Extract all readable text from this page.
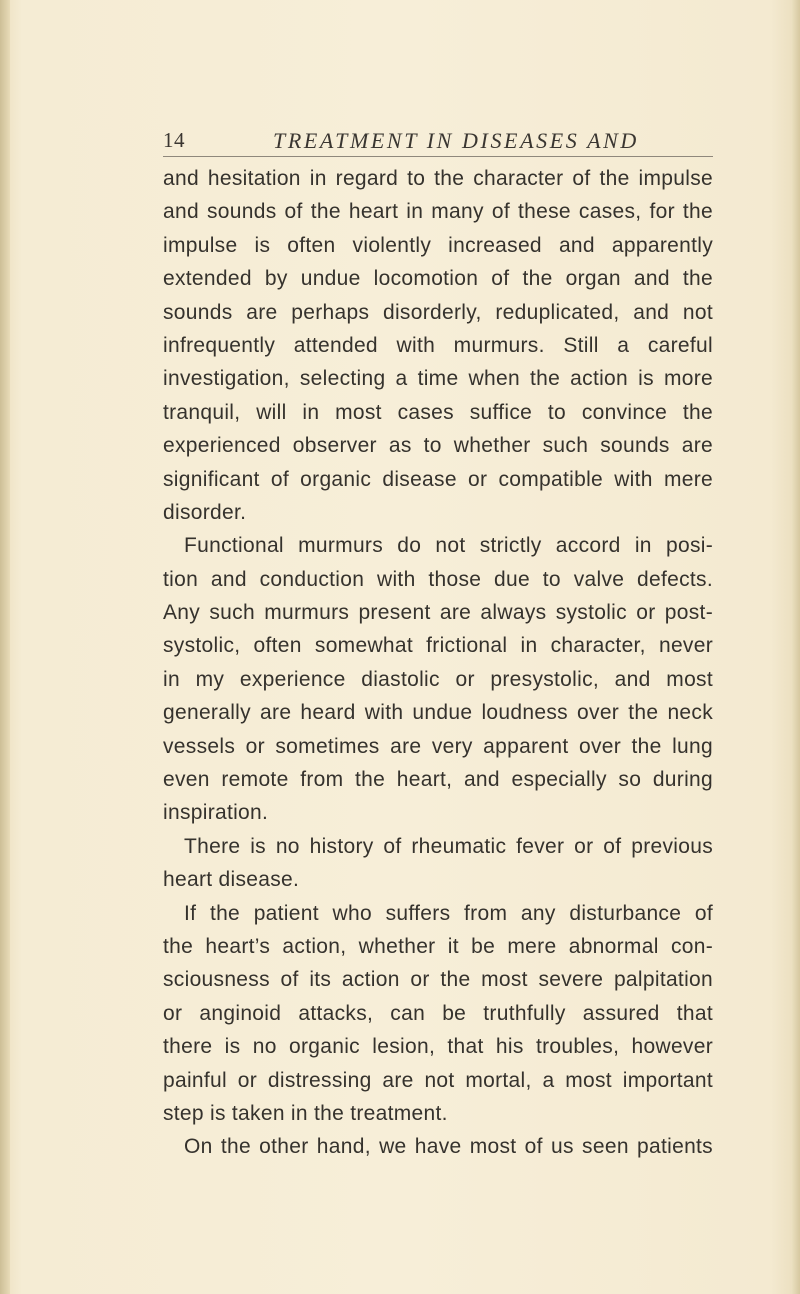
14	TREATMENT IN DISEASES AND
and hesitation in regard to the character of the impulse
and sounds of the heart in many of these cases, for the
impulse is often violently increased and apparently
extended by undue locomotion of the organ and the
sounds are perhaps disorderly, reduplicated, and not
infrequently attended with murmurs. Still a careful
investigation, selecting a time when the action is more
tranquil, will in most cases suffice to convince the
experienced observer as to whether such sounds are
significant of organic disease or compatible with mere
disorder.
Functional murmurs do not strictly accord in posi-
tion and conduction with those due to valve defects.
Any such murmurs present are always systolic or post-
systolic, often somewhat frictional in character, never
in my experience diastolic or presystolic, and most
generally are heard with undue loudness over the neck
vessels or sometimes are very apparent over the lung
even remote from the heart, and especially so during
inspiration.
There is no history of rheumatic fever or of previous
heart disease.
If the patient who suffers from any disturbance of
the heart’s action, whether it be mere abnormal con-
sciousness of its action or the most severe palpitation
or anginoid attacks, can be truthfully assured that
there is no organic lesion, that his troubles, however
painful or distressing are not mortal, a most important
step is taken in the treatment.
On the other hand, we have most of us seen patients
